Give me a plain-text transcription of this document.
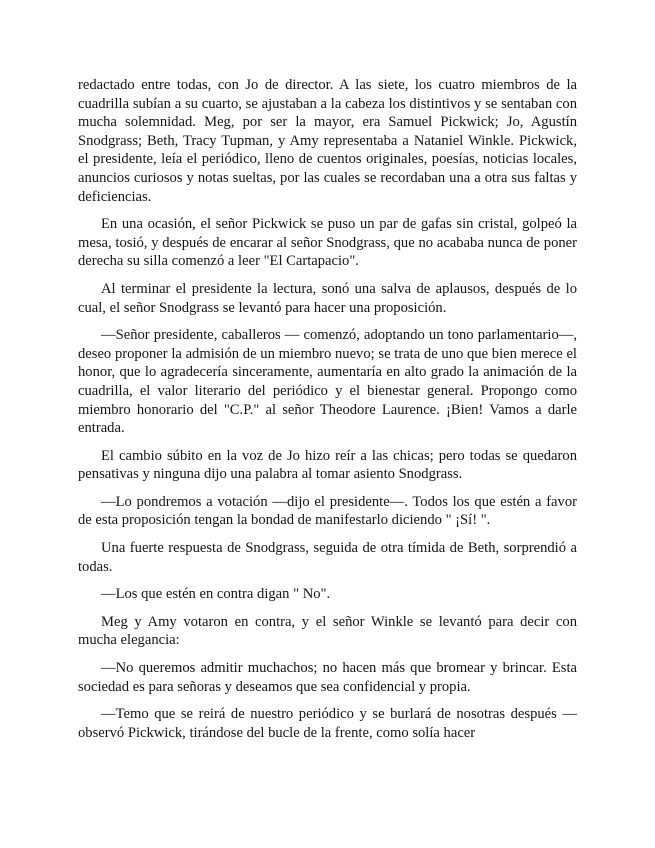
redactado entre todas, con Jo de director. A las siete, los cuatro miembros de la cuadrilla subían a su cuarto, se ajustaban a la cabeza los distintivos y se sentaban con mucha solemnidad. Meg, por ser la mayor, era Samuel Pickwick; Jo, Agustín Snodgrass; Beth, Tracy Tupman, y Amy representaba a Nataniel Winkle. Pickwick, el presidente, leía el periódico, lleno de cuentos originales, poesías, noticias locales, anuncios curiosos y notas sueltas, por las cuales se recordaban una a otra sus faltas y deficiencias.

En una ocasión, el señor Pickwick se puso un par de gafas sin cristal, golpeó la mesa, tosió, y después de encarar al señor Snodgrass, que no acababa nunca de poner derecha su silla comenzó a leer "El Cartapacio".

Al terminar el presidente la lectura, sonó una salva de aplausos, después de lo cual, el señor Snodgrass se levantó para hacer una proposición.

—Señor presidente, caballeros — comenzó, adoptando un tono parlamentario—, deseo proponer la admisión de un miembro nuevo; se trata de uno que bien merece el honor, que lo agradecería sinceramente, aumentaría en alto grado la animación de la cuadrilla, el valor literario del periódico y el bienestar general. Propongo como miembro honorario del "C.P." al señor Theodore Laurence. ¡Bien! Vamos a darle entrada.

El cambio súbito en la voz de Jo hizo reír a las chicas; pero todas se quedaron pensativas y ninguna dijo una palabra al tomar asiento Snodgrass.

—Lo pondremos a votación —dijo el presidente—. Todos los que estén a favor de esta proposición tengan la bondad de manifestarlo diciendo " ¡Sí! ".

Una fuerte respuesta de Snodgrass, seguida de otra tímida de Beth, sorprendió a todas.

—Los que estén en contra digan " No".

Meg y Amy votaron en contra, y el señor Winkle se levantó para decir con mucha elegancia:

—No queremos admitir muchachos; no hacen más que bromear y brincar. Esta sociedad es para señoras y deseamos que sea confidencial y propia.

—Temo que se reirá de nuestro periódico y se burlará de nosotras después —observó Pickwick, tirándose del bucle de la frente, como solía hacer
